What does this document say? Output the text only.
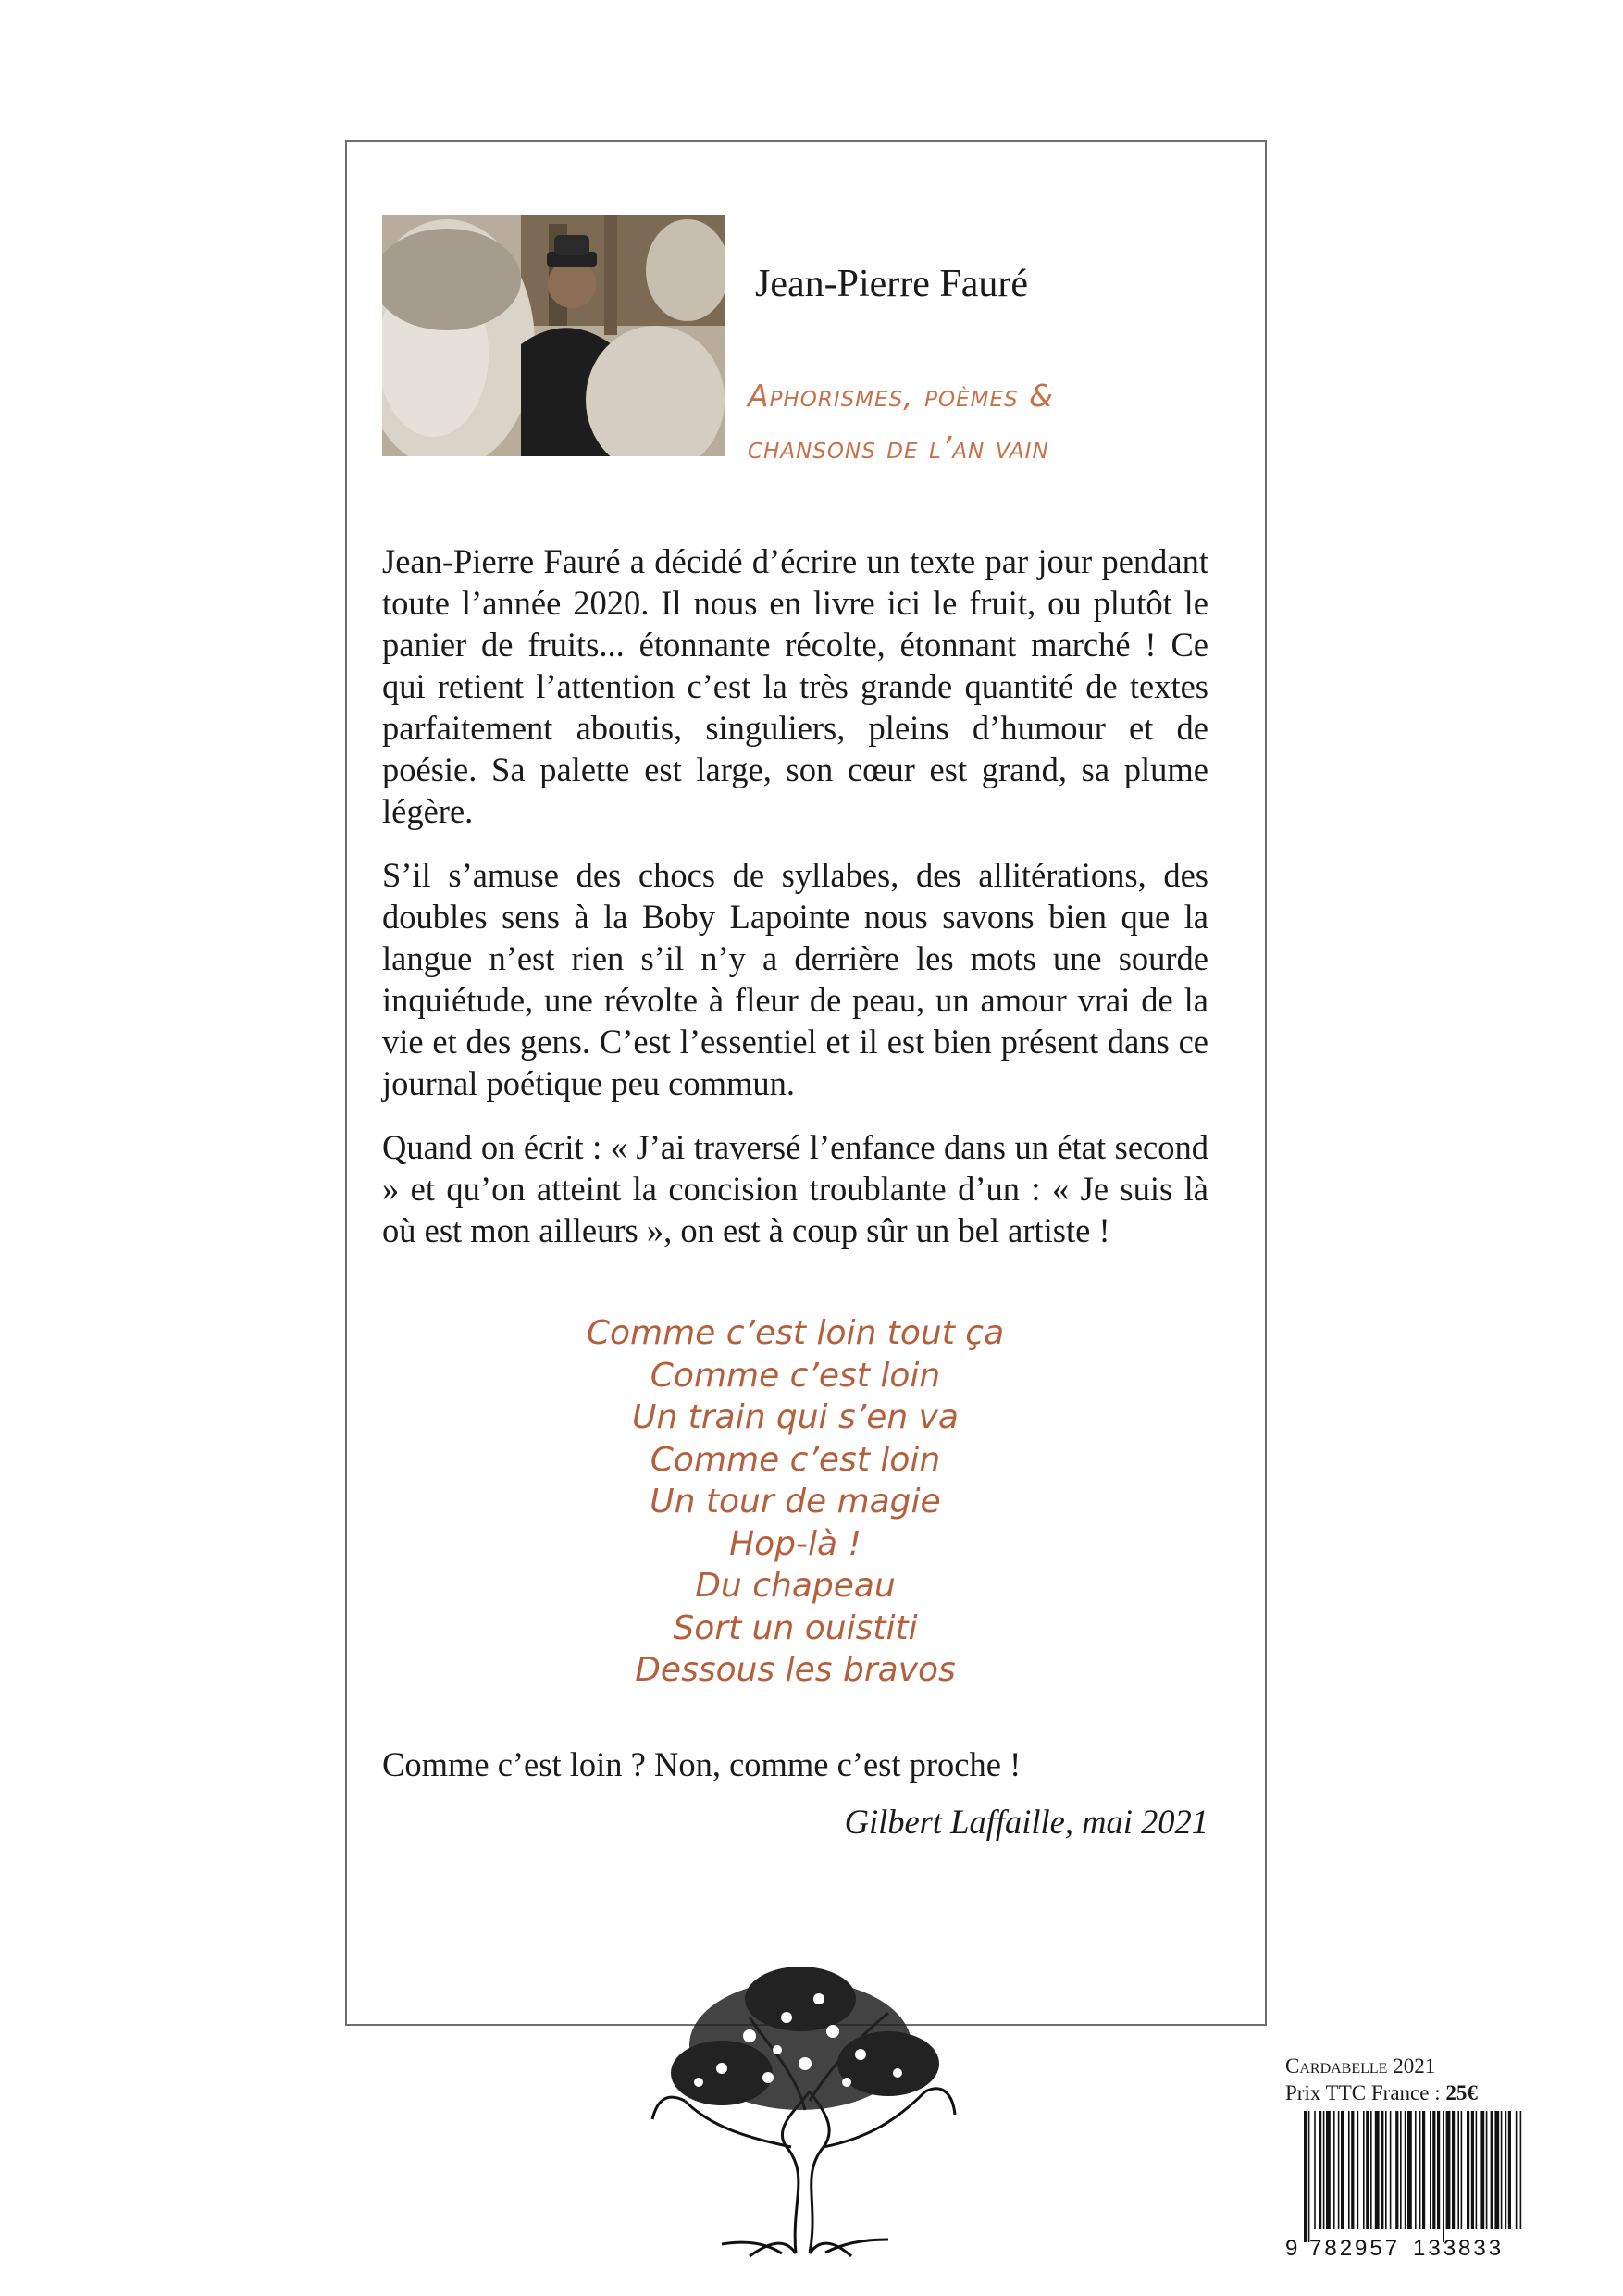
Jean-Pierre Fauré
Aphorismes, poèmes &
chansons de l’an vain

Jean-Pierre Fauré a décidé d’écrire un texte par jour pendant toute l’année 2020. Il nous en livre ici le fruit, ou plutôt le panier de fruits... étonnante récolte, étonnant marché ! Ce qui retient l’attention c’est la très grande quantité de textes parfaitement aboutis, singuliers, pleins d’humour et de poésie. Sa palette est large, son cœur est grand, sa plume légère.

S’il s’amuse des chocs de syllabes, des allitérations, des doubles sens à la Boby Lapointe nous savons bien que la langue n’est rien s’il n’y a derrière les mots une sourde inquiétude, une révolte à fleur de peau, un amour vrai de la vie et des gens. C’est l’essentiel et il est bien présent dans ce journal poétique peu commun.

Quand on écrit : « J’ai traversé l’enfance dans un état second » et qu’on atteint la concision troublante d’un : « Je suis là où est mon ailleurs », on est à coup sûr un bel artiste !

Comme c’est loin tout ça
Comme c’est loin
Un train qui s’en va
Comme c’est loin
Un tour de magie
Hop-là !
Du chapeau
Sort un ouistiti
Dessous les bravos
Comme c’est loin ? Non, comme c’est proche !
Gilbert Laffaille, mai 2021
Cardabelle 2021
Prix TTC France : 25€
9 782957 133833
